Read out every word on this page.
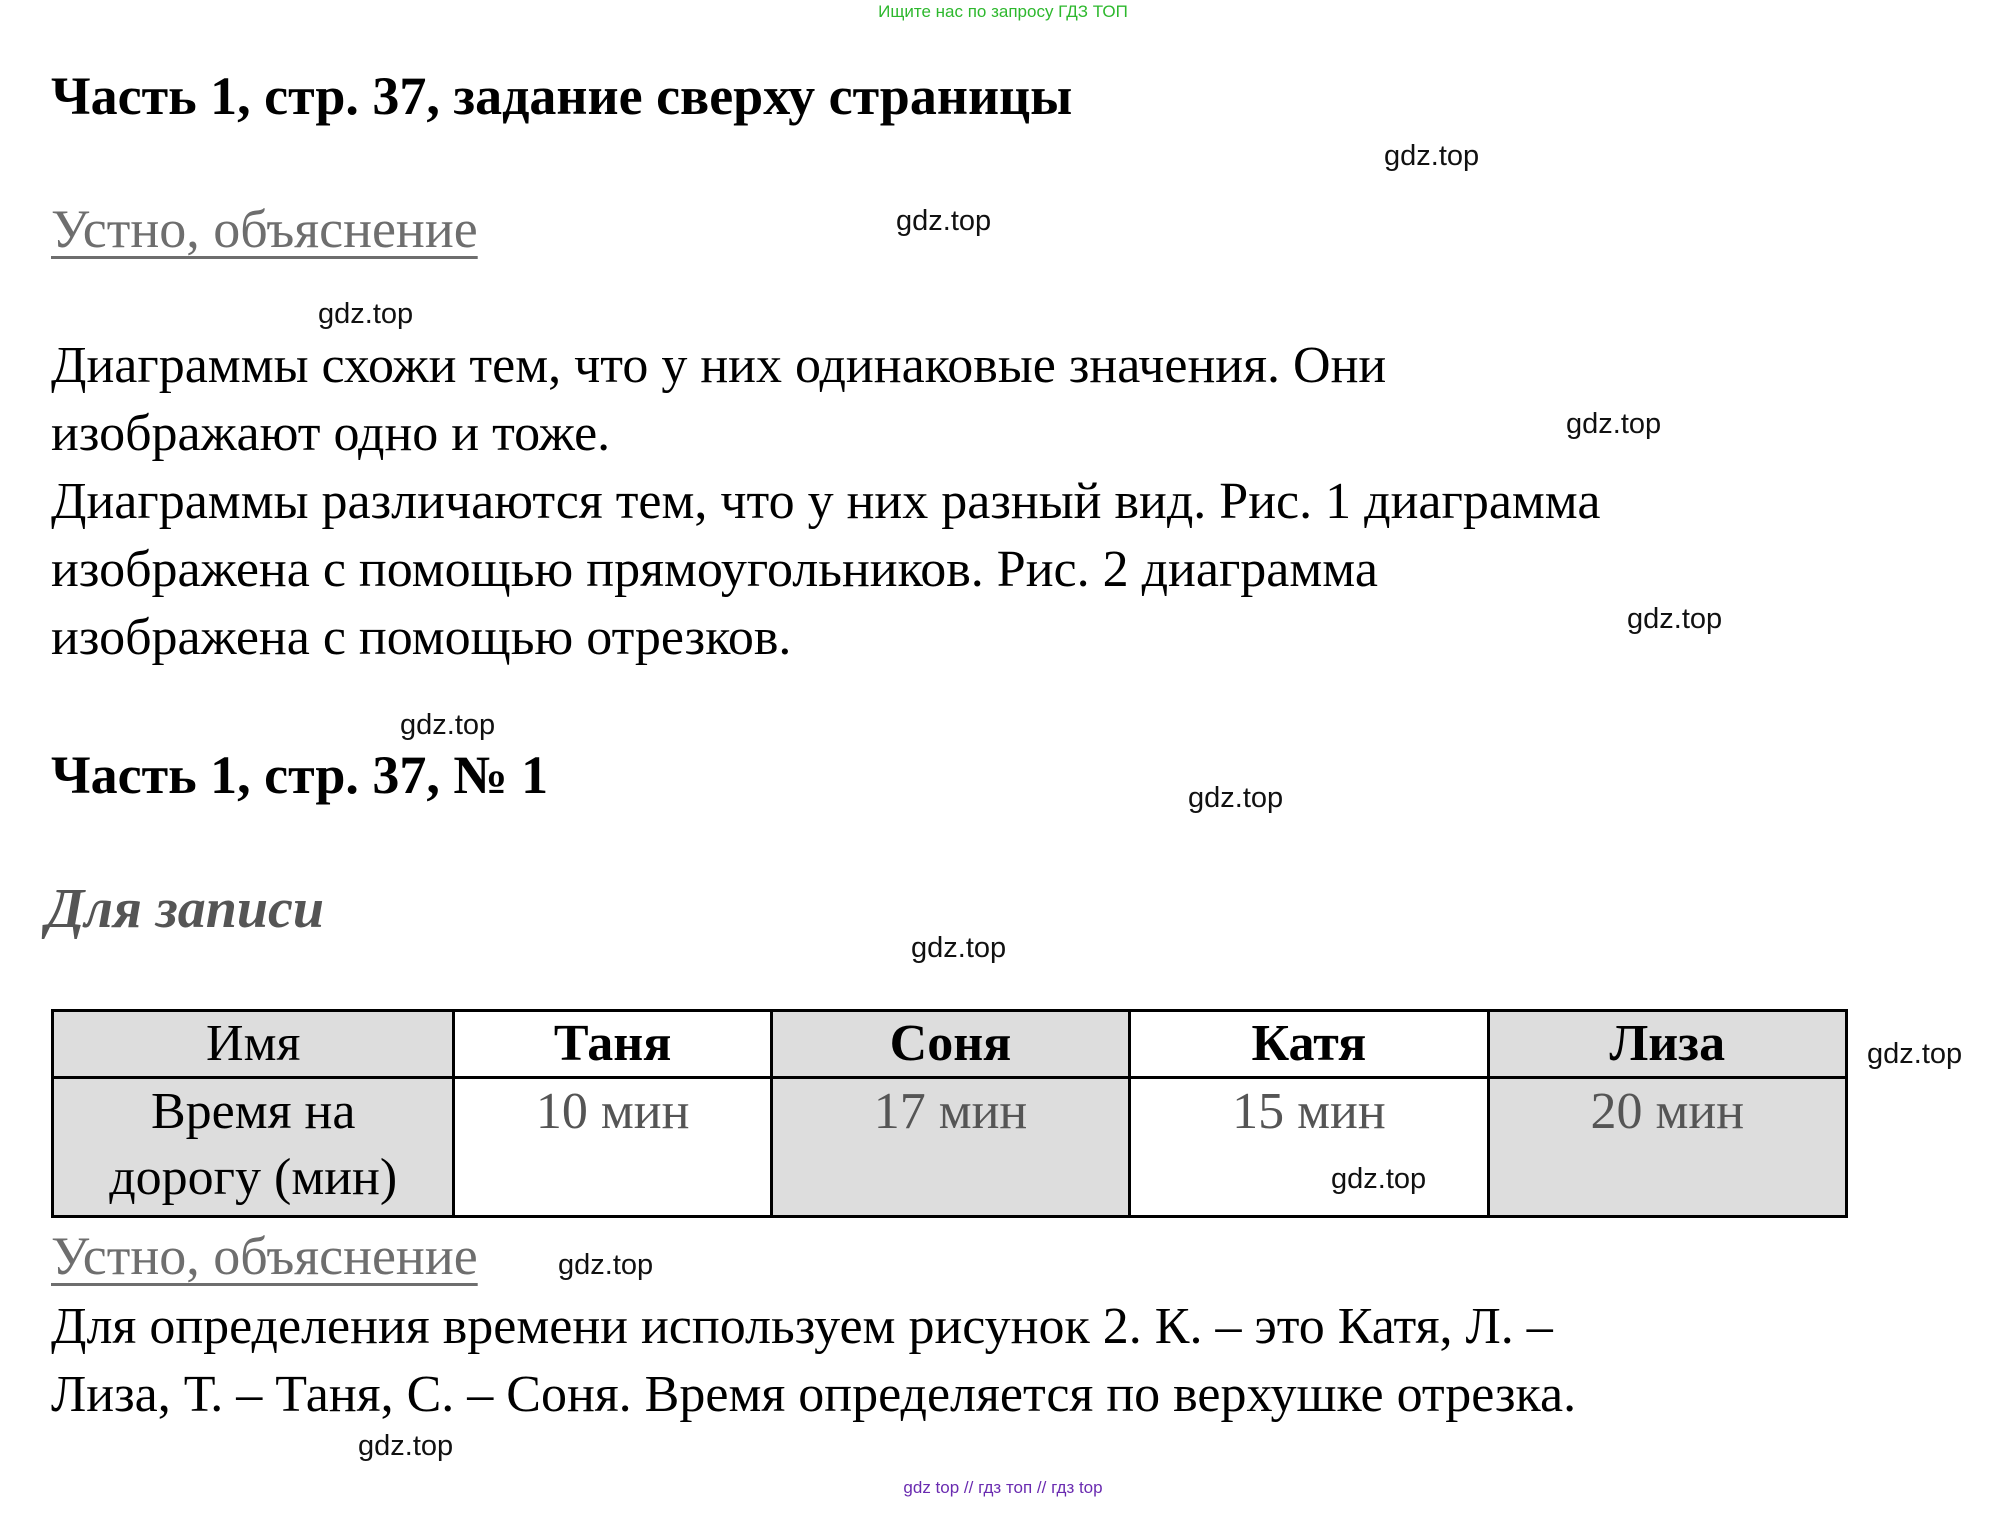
Ищите нас по запросу ГДЗ ТОП
Часть 1, стр. 37, задание сверху страницы
Устно, объяснение
Диаграммы схожи тем, что у них одинаковые значения. Они
изображают одно и тоже.
Диаграммы различаются тем, что у них разный вид. Рис. 1 диаграмма
изображена с помощью прямоугольников. Рис. 2 диаграмма
изображена с помощью отрезков.
Часть 1, стр. 37, № 1
Для записи
Имя	Таня	Соня	Катя	Лиза

Время на
дорогу (мин)	10 мин	17 мин	15 мин	20 мин
Устно, объяснение
Для определения времени используем рисунок 2. К. – это Катя, Л. –
Лиза, Т. – Таня, С. – Соня. Время определяется по верхушке отрезка.
gdz.top
gdz.top
gdz.top
gdz.top
gdz.top
gdz.top
gdz.top
gdz.top
gdz.top
gdz.top
gdz.top
gdz.top
gdz top // гдз топ // гдз top
